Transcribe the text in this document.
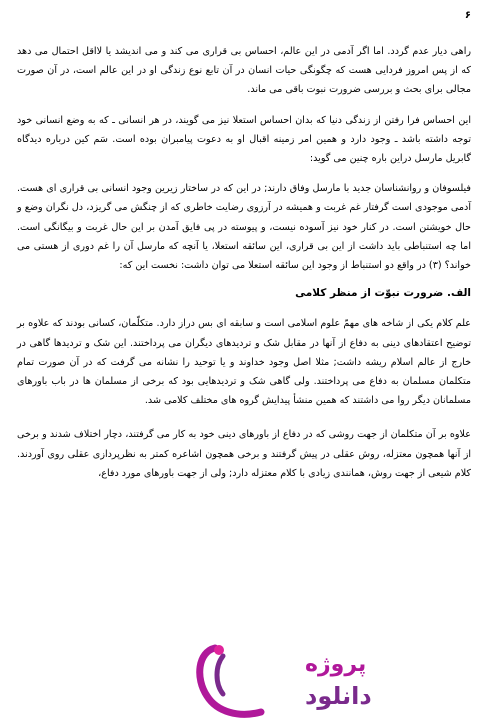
۶

راهی دیار عدم گردد. اما اگر آدمی در این عالم، احساس بی قراری می کند و می اندیشد یا لااقل احتمال می دهد که از پس امروز فردایی هست که چگونگی حیات انسان در آن تابع نوع زندگی او در این عالم است، در آن صورت مجالی برای بحث و بررسی ضرورت نبوت باقی می ماند.

این احساس فرا رفتن از زندگی دنیا که بدان احساس استعلا نیز می گویند، در هر انسانی ـ که به وضع انسانی خود توجه داشته باشد ـ وجود دارد و همین امر زمینه اقبال او به دعوت پیامبران بوده است. سَم کین درباره دیدگاه گابریل مارسل دراین باره چنین می گوید:

فیلسوفان و روانشناسان جدید با مارسل وفاق دارند; در این که در ساختار زیرین وجود انسانی بی قراری ای هست. آدمی موجودی است گرفتار غم غربت و همیشه در آرزوی رضایت خاطری که از چنگش می گریزد، دل نگران وضع و حال خویشتن است. در کنار خود نیز آسوده نیست، و پیوسته در پی فایق آمدن بر این حال غربت و بیگانگی است. اما چه استنباطی باید داشت از این بی قراری، این سائقه استعلا، یا آنچه که مارسل آن را غم دوری از هستی می خواند؟ (۳) در واقع دو استنباط از وجود این سائقه استعلا می توان داشت: نخست این که:

الف. ضرورت نبوّت از منظر کلامی

علم کلام یکی از شاخه های مهمّ علوم اسلامی است و سابقه ای بس دراز دارد. متکلّمان، کسانی بودند که علاوه بر توضیح اعتقادهای دینی به دفاع از آنها در مقابل شک و تردیدهای دیگران می پرداختند. این شک و تردیدها گاهی در خارج از عالم اسلام ریشه داشت; مثلا اصل وجود خداوند و یا توحید را نشانه می گرفت که در آن صورت تمام متکلمان مسلمان به دفاع می پرداختند. ولی گاهی شک و تردیدهایی بود که برخی از مسلمان ها در باب باورهای مسلمانان دیگر روا می داشتند که همین منشأ پیدایش گروه های مختلف کلامی شد.

علاوه بر آن متکلمان از جهت روشی که در دفاع از باورهای دینی خود به کار می گرفتند، دچار اختلاف شدند و برخی از آنها همچون معتزله، روش عقلی در پیش گرفتند و برخی همچون اشاعره کمتر به نظرپردازی عقلی روی آوردند. کلام شیعی از جهت روش، همانندی زیادی با کلام معتزله دارد; ولی از جهت باورهای مورد دفاع،

پروژه
دانلود
